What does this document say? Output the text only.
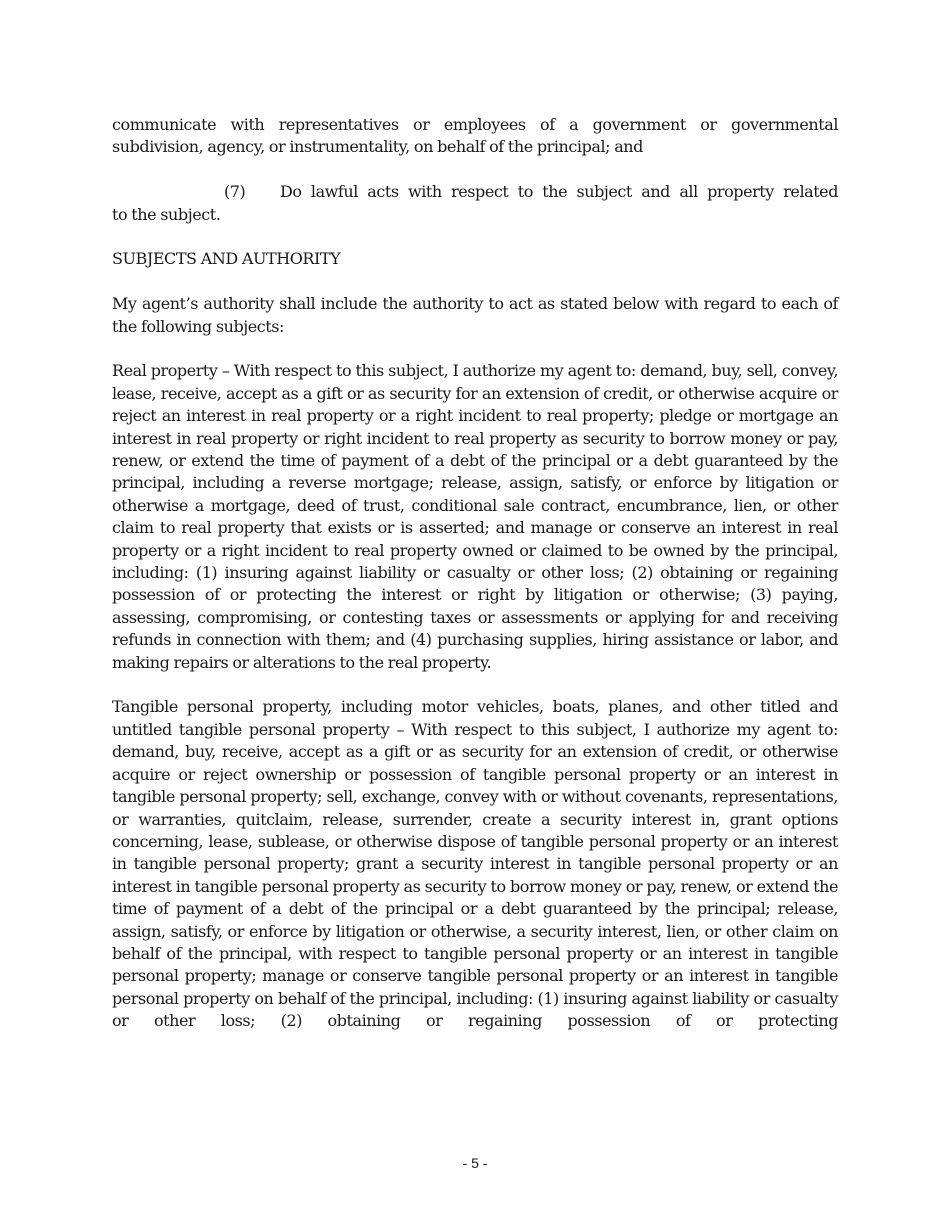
communicate with representatives or employees of a government or governmental subdivision, agency, or instrumentality, on behalf of the principal; and

(7)	Do lawful acts with respect to the subject and all property related
to the subject.

SUBJECTS AND AUTHORITY

My agent’s authority shall include the authority to act as stated below with regard to each of the following subjects:

Real property – With respect to this subject, I authorize my agent to: demand, buy, sell, convey, lease, receive, accept as a gift or as security for an extension of credit, or otherwise acquire or reject an interest in real property or a right incident to real property; pledge or mortgage an interest in real property or right incident to real property as security to borrow money or pay, renew, or extend the time of payment of a debt of the principal or a debt guaranteed by the principal, including a reverse mortgage; release, assign, satisfy, or enforce by litigation or otherwise a mortgage, deed of trust, conditional sale contract, encumbrance, lien, or other claim to real property that exists or is asserted; and manage or conserve an interest in real property or a right incident to real property owned or claimed to be owned by the principal, including: (1) insuring against liability or casualty or other loss; (2) obtaining or regaining possession of or protecting the interest or right by litigation or otherwise; (3) paying, assessing, compromising, or contesting taxes or assessments or applying for and receiving refunds in connection with them; and (4) purchasing supplies, hiring assistance or labor, and making repairs or alterations to the real property.

Tangible personal property, including motor vehicles, boats, planes, and other titled and untitled tangible personal property – With respect to this subject, I authorize my agent to: demand, buy, receive, accept as a gift or as security for an extension of credit, or otherwise acquire or reject ownership or possession of tangible personal property or an interest in tangible personal property; sell, exchange, convey with or without covenants, representations, or warranties, quitclaim, release, surrender, create a security interest in, grant options concerning, lease, sublease, or otherwise dispose of tangible personal property or an interest in tangible personal property; grant a security interest in tangible personal property or an interest in tangible personal property as security to borrow money or pay, renew, or extend the time of payment of a debt of the principal or a debt guaranteed by the principal; release, assign, satisfy, or enforce by litigation or otherwise, a security interest, lien, or other claim on behalf of the principal, with respect to tangible personal property or an interest in tangible personal property; manage or conserve tangible personal property or an interest in tangible personal property on behalf of the principal, including: (1) insuring against liability or casualty or other loss; (2) obtaining or regaining possession of or protecting

- 5 -
